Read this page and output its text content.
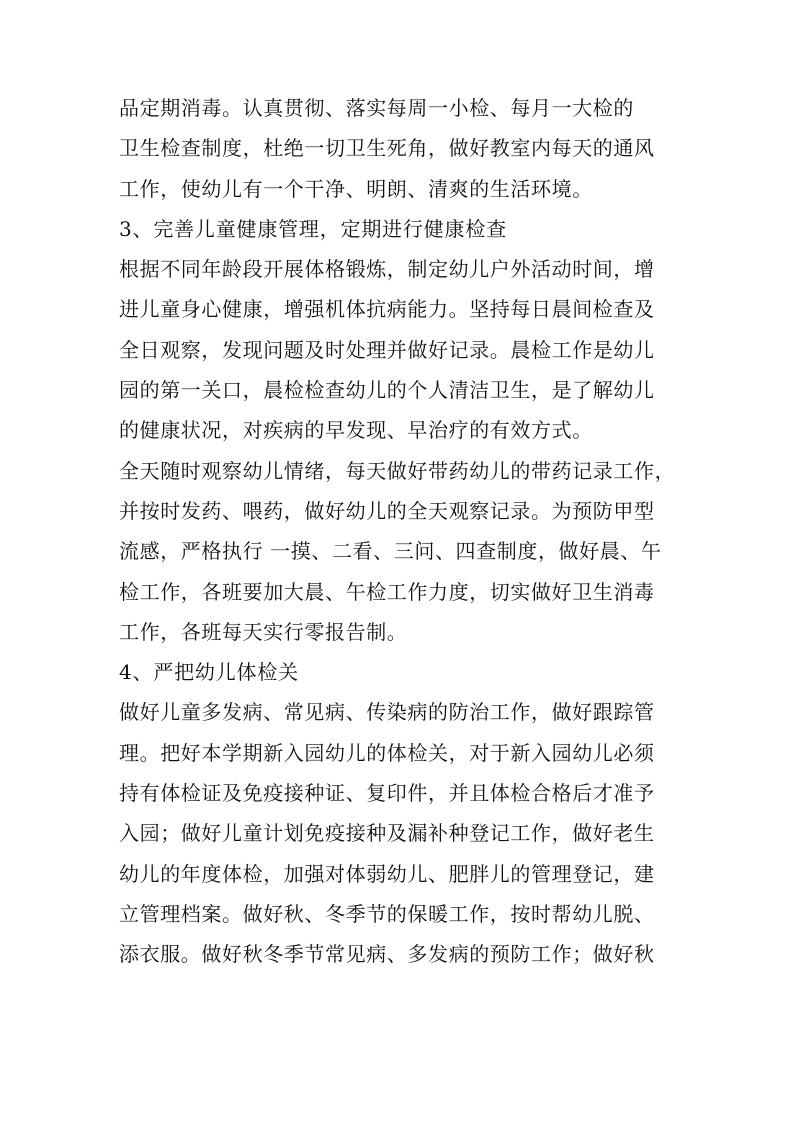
品定期消毒。认真贯彻、落实每周一小检、每月一大检的
卫生检查制度，杜绝一切卫生死角，做好教室内每天的通风
工作，使幼儿有一个干净、明朗、清爽的生活环境。
3、完善儿童健康管理，定期进行健康检查
根据不同年龄段开展体格锻炼，制定幼儿户外活动时间，增
进儿童身心健康，增强机体抗病能力。坚持每日晨间检查及
全日观察，发现问题及时处理并做好记录。晨检工作是幼儿
园的第一关口，晨检检查幼儿的个人清洁卫生，是了解幼儿
的健康状况，对疾病的早发现、早治疗的有效方式。
全天随时观察幼儿情绪，每天做好带药幼儿的带药记录工作，
并按时发药、喂药，做好幼儿的全天观察记录。为预防甲型
流感，严格执行 一摸、二看、三问、四查制度，做好晨、午
检工作，各班要加大晨、午检工作力度，切实做好卫生消毒
工作，各班每天实行零报告制。
4、严把幼儿体检关
做好儿童多发病、常见病、传染病的防治工作，做好跟踪管
理。把好本学期新入园幼儿的体检关，对于新入园幼儿必须
持有体检证及免疫接种证、复印件，并且体检合格后才准予
入园；做好儿童计划免疫接种及漏补种登记工作，做好老生
幼儿的年度体检，加强对体弱幼儿、肥胖儿的管理登记，建
立管理档案。做好秋、冬季节的保暖工作，按时帮幼儿脱、
添衣服。做好秋冬季节常见病、多发病的预防工作；做好秋
